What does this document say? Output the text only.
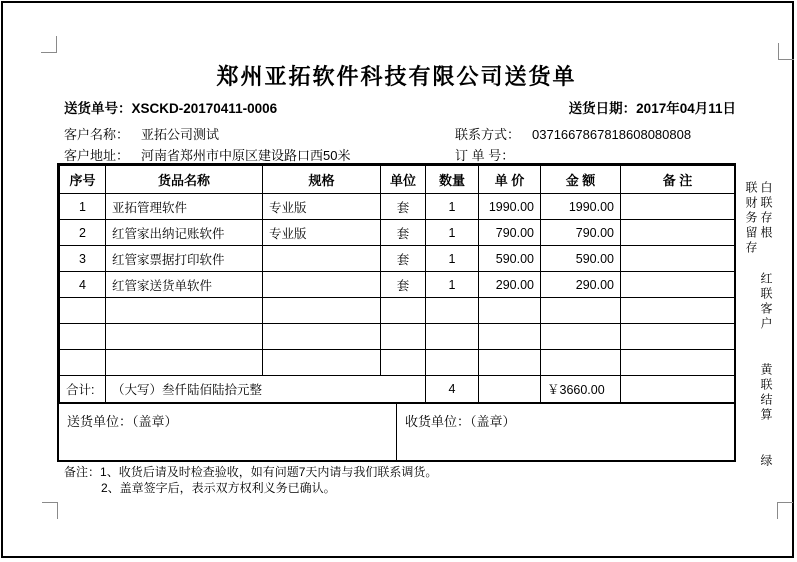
郑州亚拓软件科技有限公司送货单
送货单号：XSCKD-20170411-0006	送货日期：2017年04月11日
客户名称： 亚拓公司测试	联系方式： 0371667867818608080808
客户地址： 河南省郑州市中原区建设路口西50米	订 单 号：
序号	货品名称	规格	单位	数量	单 价	金 额	备 注
1	亚拓管理软件	专业版	套	1	1990.00	1990.00	
2	红管家出纳记账软件	专业版	套	1	790.00	790.00	
3	红管家票据打印软件		套	1	590.00	590.00	
4	红管家送货单软件		套	1	290.00	290.00	

合计:	（大写）叁仟陆佰陆拾元整			4		￥3660.00	
送货单位：（盖章）	收货单位：（盖章）
白联存根 红联客户 黄联结算 绿联财务留存
备注：1、收货后请及时检查验收，如有问题7天内请与我们联系调货。
2、盖章签字后，表示双方权利义务已确认。
